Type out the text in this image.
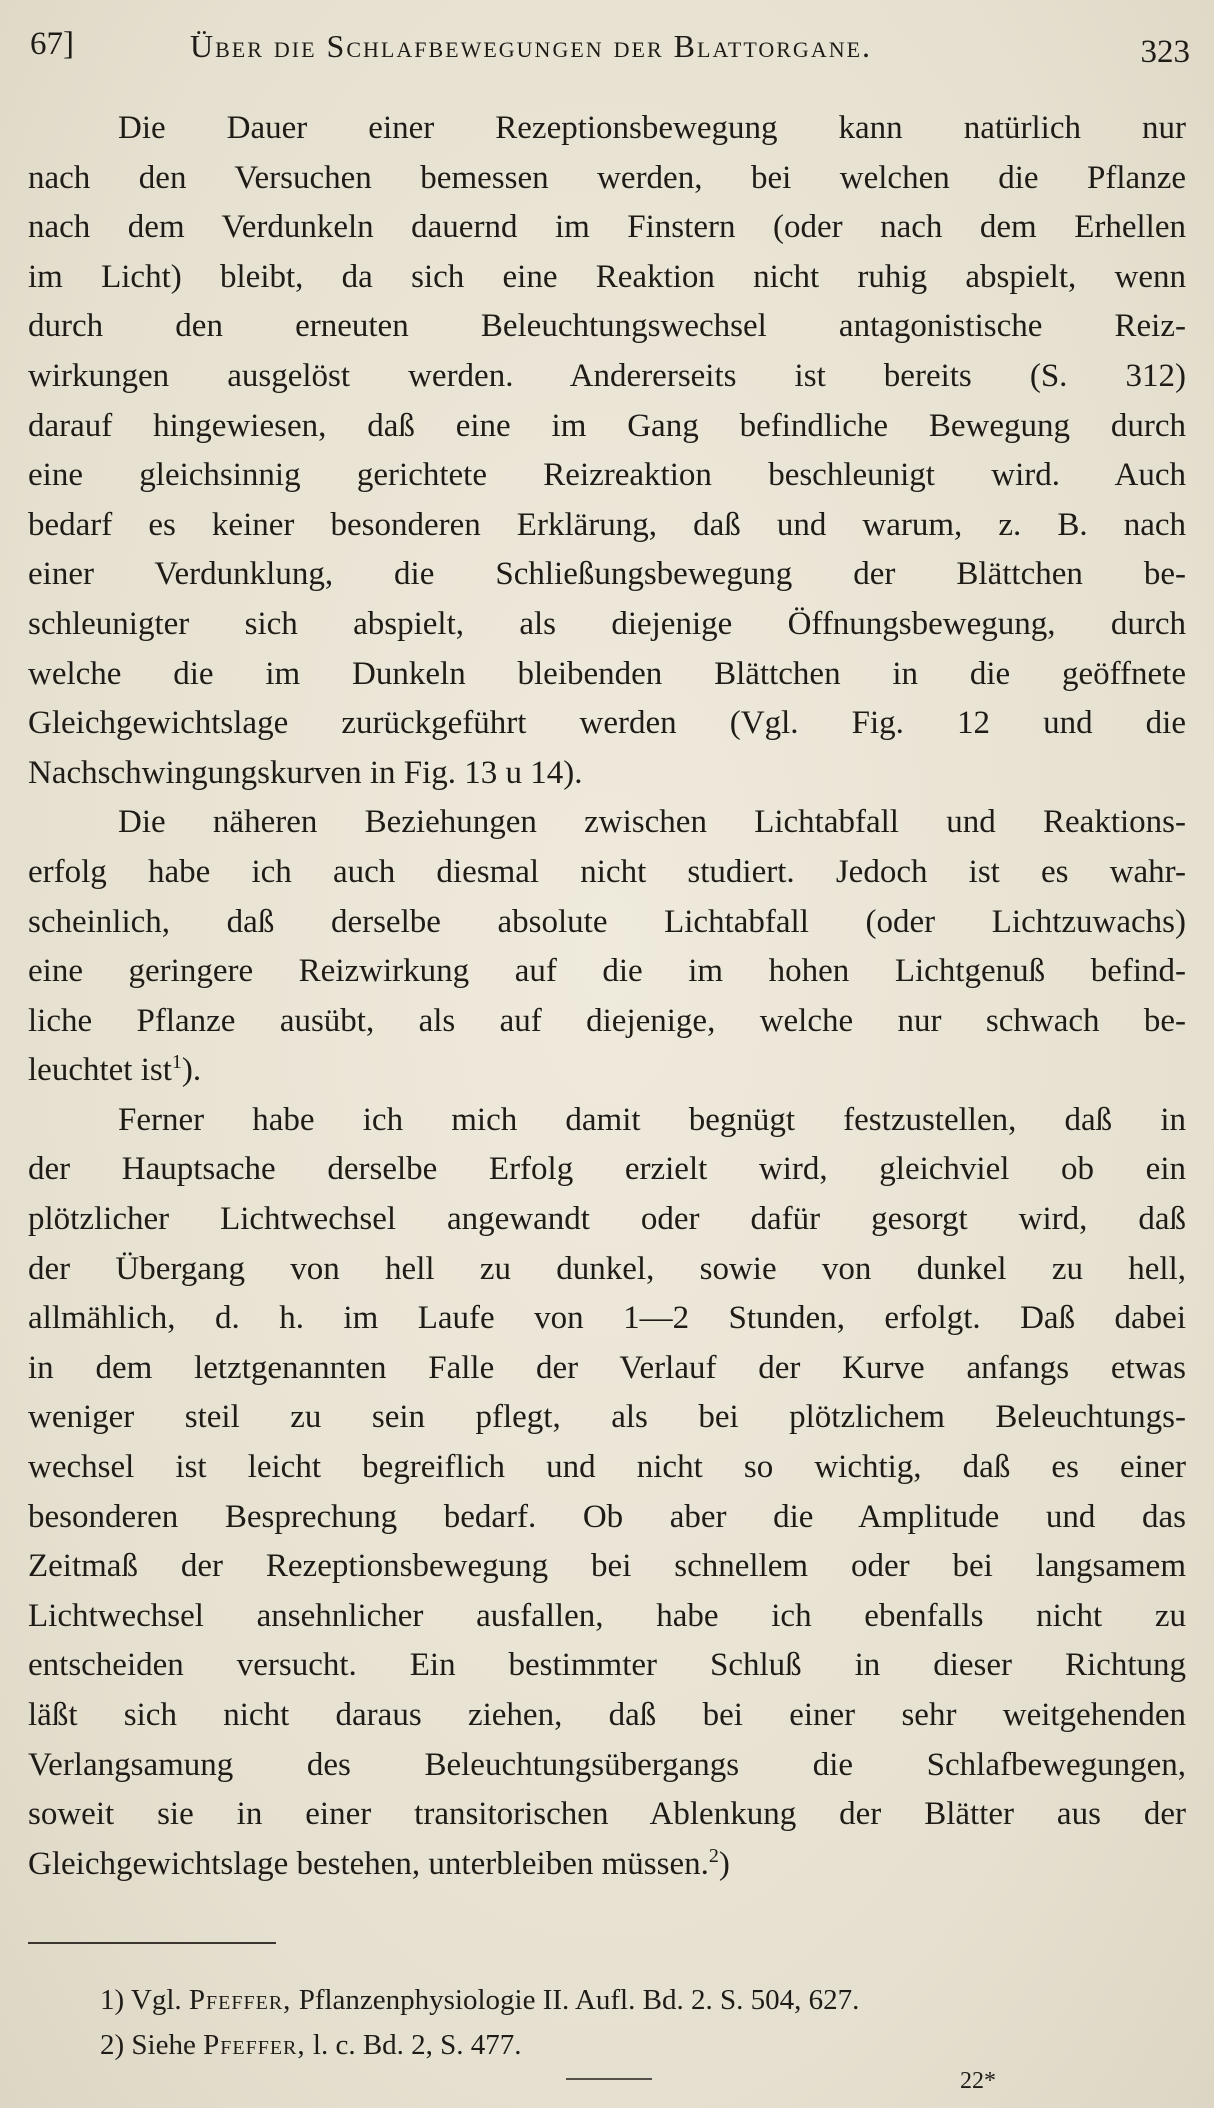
67]	Über die Schlafbewegungen der Blattorgane.	323
Die Dauer einer Rezeptionsbewegung kann natürlich nur
nach den Versuchen bemessen werden, bei welchen die Pflanze
nach dem Verdunkeln dauernd im Finstern (oder nach dem Erhellen
im Licht) bleibt, da sich eine Reaktion nicht ruhig abspielt, wenn
durch den erneuten Beleuchtungswechsel antagonistische Reiz-
wirkungen ausgelöst werden. Andererseits ist bereits (S. 312)
darauf hingewiesen, daß eine im Gang befindliche Bewegung durch
eine gleichsinnig gerichtete Reizreaktion beschleunigt wird. Auch
bedarf es keiner besonderen Erklärung, daß und warum, z. B. nach
einer Verdunklung, die Schließungsbewegung der Blättchen be-
schleunigter sich abspielt, als diejenige Öffnungsbewegung, durch
welche die im Dunkeln bleibenden Blättchen in die geöffnete
Gleichgewichtslage zurückgeführt werden (Vgl. Fig. 12 und die
Nachschwingungskurven in Fig. 13 u 14).
Die näheren Beziehungen zwischen Lichtabfall und Reaktions-
erfolg habe ich auch diesmal nicht studiert. Jedoch ist es wahr-
scheinlich, daß derselbe absolute Lichtabfall (oder Lichtzuwachs)
eine geringere Reizwirkung auf die im hohen Lichtgenuß befind-
liche Pflanze ausübt, als auf diejenige, welche nur schwach be-
leuchtet ist$^1$).
Ferner habe ich mich damit begnügt festzustellen, daß in
der Hauptsache derselbe Erfolg erzielt wird, gleichviel ob ein
plötzlicher Lichtwechsel angewandt oder dafür gesorgt wird, daß
der Übergang von hell zu dunkel, sowie von dunkel zu hell,
allmählich, d. h. im Laufe von 1—2 Stunden, erfolgt. Daß dabei
in dem letztgenannten Falle der Verlauf der Kurve anfangs etwas
weniger steil zu sein pflegt, als bei plötzlichem Beleuchtungs-
wechsel ist leicht begreiflich und nicht so wichtig, daß es einer
besonderen Besprechung bedarf. Ob aber die Amplitude und das
Zeitmaß der Rezeptionsbewegung bei schnellem oder bei langsamem
Lichtwechsel ansehnlicher ausfallen, habe ich ebenfalls nicht zu
entscheiden versucht. Ein bestimmter Schluß in dieser Richtung
läßt sich nicht daraus ziehen, daß bei einer sehr weitgehenden
Verlangsamung des Beleuchtungsübergangs die Schlafbewegungen,
soweit sie in einer transitorischen Ablenkung der Blätter aus der
Gleichgewichtslage bestehen, unterbleiben müssen.$^2$)
1) Vgl. Pfeffer, Pflanzenphysiologie II. Aufl. Bd. 2. S. 504, 627.
2) Siehe Pfeffer, l. c. Bd. 2, S. 477.
22*
